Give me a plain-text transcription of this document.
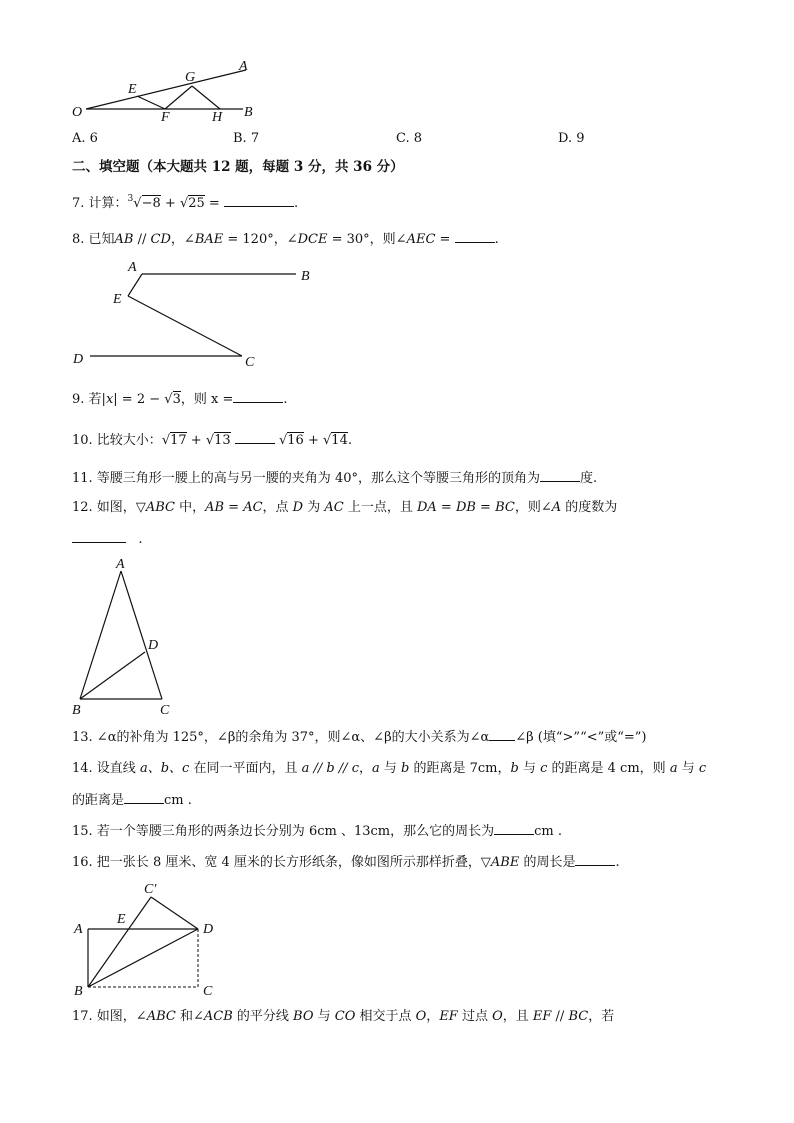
A
G
E
O	F	H B
A. 6	B. 7	C. 8	D. 9
二、填空题（本大题共 12 题，每题 3 分，共 36 分）
7. 计算：$^3$√−8 + √25 =	.
8. 已知AB // CD，∠BAE = 120°，∠DCE = 30°，则∠AEC =	.
A
B
E
D	C
9. 若|x| = 2 − √3，则 x =	.
10. 比较大小：√17 + √13	√16 + √14.
11. 等腰三角形一腰上的高与另一腰的夹角为 40°，那么这个等腰三角形的顶角为	度.
12. 如图，▽ABC 中，AB = AC，点 D 为 AC 上一点，且 DA = DB = BC，则∠A 的度数为
.
A
D
B	C
13. ∠α的补角为 125°，∠β的余角为 37°，则∠α、∠β的大小关系为∠α ∠β (填“>”“<”或“=”)
14. 设直线 a、b、c 在同一平面内，且 a // b // c，a 与 b 的距离是 7cm，b 与 c 的距离是 4 cm，则 a 与 c
的距离是	cm .
15. 若一个等腰三角形的两条边长分别为 6cm 、13cm，那么它的周长为	cm .
16. 把一张长 8 厘米、宽 4 厘米的长方形纸条，像如图所示那样折叠，▽ABE 的周长是	.
C′
A
E
D
B	C
17. 如图，∠ABC 和∠ACB 的平分线 BO 与 CO 相交于点 O，EF 过点 O，且 EF // BC，若
